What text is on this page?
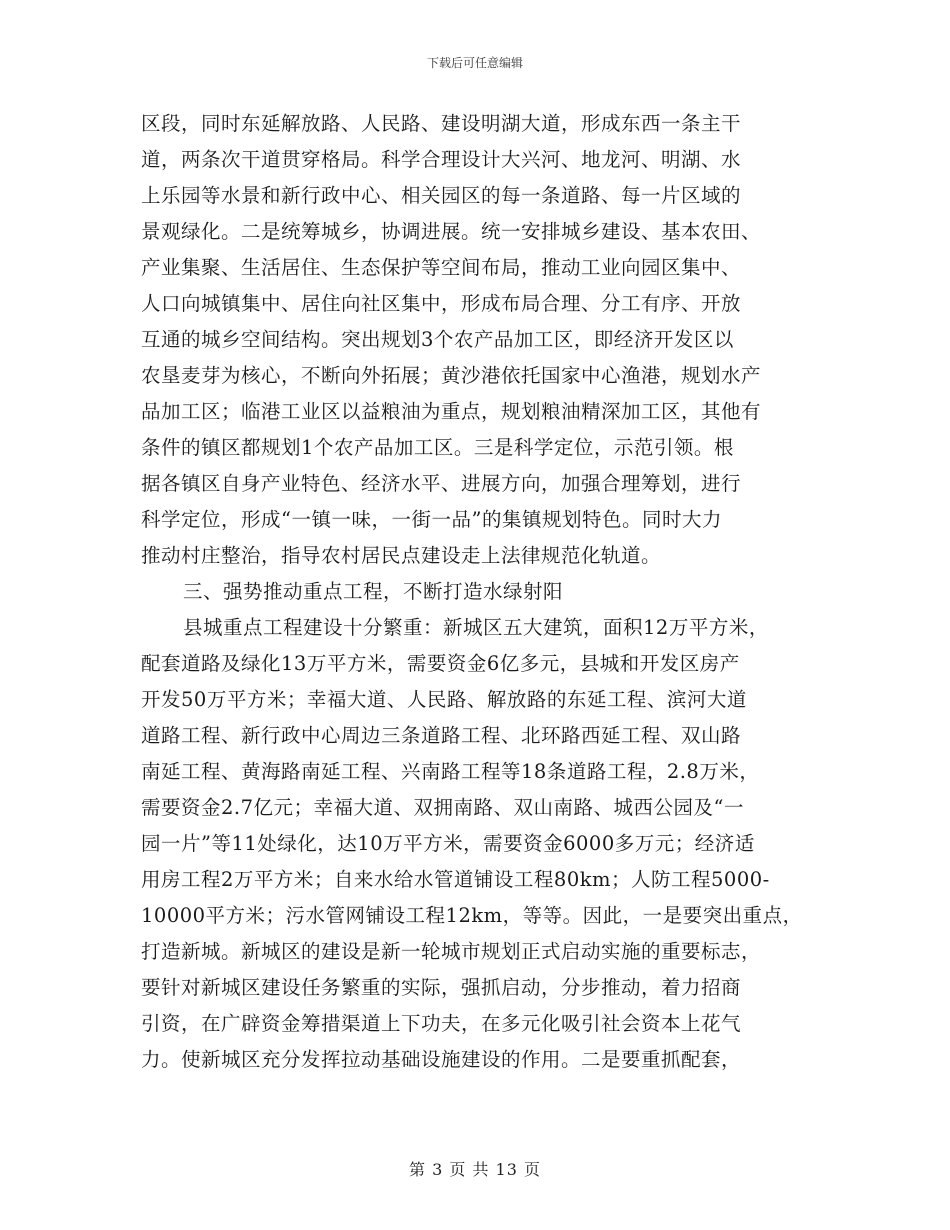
下载后可任意编辑
区段，同时东延解放路、人民路、建设明湖大道，形成东西一条主干
道，两条次干道贯穿格局。科学合理设计大兴河、地龙河、明湖、水
上乐园等水景和新行政中心、相关园区的每一条道路、每一片区域的
景观绿化。二是统筹城乡，协调进展。统一安排城乡建设、基本农田、
产业集聚、生活居住、生态保护等空间布局，推动工业向园区集中、
人口向城镇集中、居住向社区集中，形成布局合理、分工有序、开放
互通的城乡空间结构。突出规划3个农产品加工区，即经济开发区以
农垦麦芽为核心，不断向外拓展；黄沙港依托国家中心渔港，规划水产
品加工区；临港工业区以益粮油为重点，规划粮油精深加工区，其他有
条件的镇区都规划1个农产品加工区。三是科学定位，示范引领。根
据各镇区自身产业特色、经济水平、进展方向，加强合理筹划，进行
科学定位，形成“一镇一味，一街一品”的集镇规划特色。同时大力
推动村庄整治，指导农村居民点建设走上法律规范化轨道。
三、强势推动重点工程，不断打造水绿射阳
县城重点工程建设十分繁重：新城区五大建筑，面积12万平方米，
配套道路及绿化13万平方米，需要资金6亿多元，县城和开发区房产
开发50万平方米；幸福大道、人民路、解放路的东延工程、滨河大道
道路工程、新行政中心周边三条道路工程、北环路西延工程、双山路
南延工程、黄海路南延工程、兴南路工程等18条道路工程，2.8万米，
需要资金2.7亿元；幸福大道、双拥南路、双山南路、城西公园及“一
园一片”等11处绿化，达10万平方米，需要资金6000多万元；经济适
用房工程2万平方米；自来水给水管道铺设工程80km；人防工程5000-
10000平方米；污水管网铺设工程12km，等等。因此，一是要突出重点，
打造新城。新城区的建设是新一轮城市规划正式启动实施的重要标志，
要针对新城区建设任务繁重的实际，强抓启动，分步推动，着力招商
引资，在广辟资金筹措渠道上下功夫，在多元化吸引社会资本上花气
力。使新城区充分发挥拉动基础设施建设的作用。二是要重抓配套，
第 3 页 共 13 页
